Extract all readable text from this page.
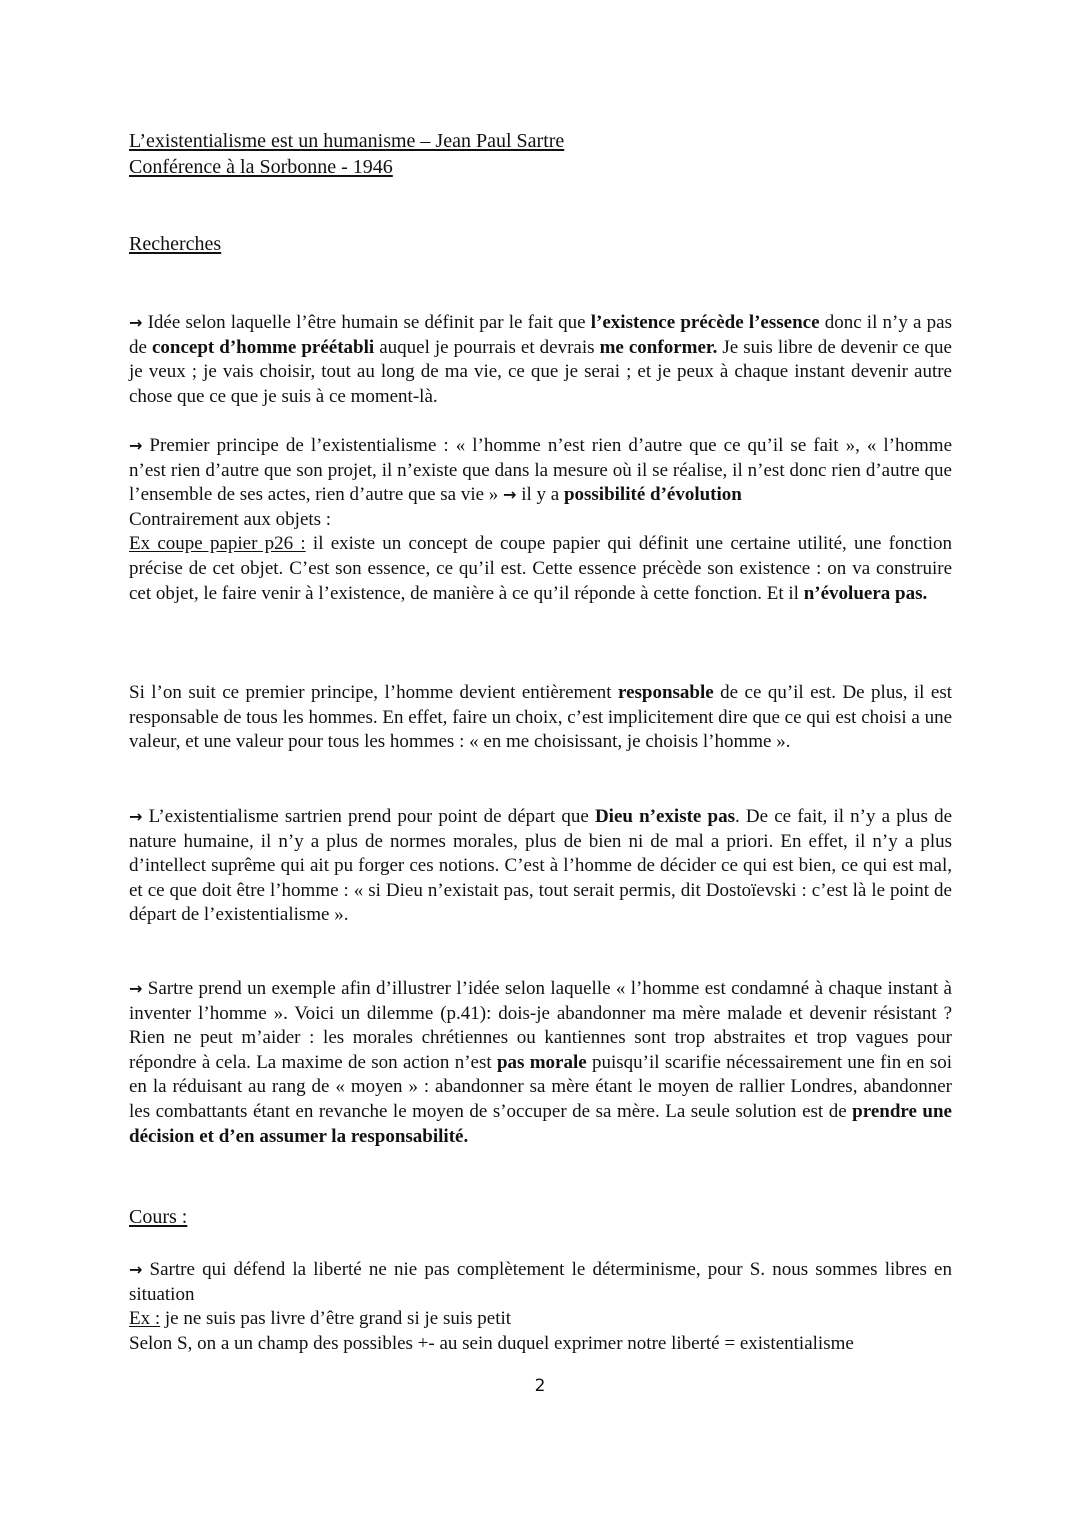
L’existentialisme est un humanisme – Jean Paul Sartre
Conférence à la Sorbonne - 1946
Recherches

→ Idée selon laquelle l’être humain se définit par le fait que l’existence précède l’essence donc il n’y a pas de concept d’homme préétabli auquel je pourrais et devrais me conformer. Je suis libre de devenir ce que je veux ; je vais choisir, tout au long de ma vie, ce que je serai ; et je peux à chaque instant devenir autre chose que ce que je suis à ce moment-là.

→ Premier principe de l’existentialisme : « l’homme n’est rien d’autre que ce qu’il se fait », « l’homme n’est rien d’autre que son projet, il n’existe que dans la mesure où il se réalise, il n’est donc rien d’autre que l’ensemble de ses actes, rien d’autre que sa vie » → il y a possibilité d’évolution
Contrairement aux objets :
Ex coupe papier p26 : il existe un concept de coupe papier qui définit une certaine utilité, une fonction précise de cet objet. C’est son essence, ce qu’il est. Cette essence précède son existence : on va construire cet objet, le faire venir à l’existence, de manière à ce qu’il réponde à cette fonction. Et il n’évoluera pas.

Si l’on suit ce premier principe, l’homme devient entièrement responsable de ce qu’il est. De plus, il est responsable de tous les hommes. En effet, faire un choix, c’est implicitement dire que ce qui est choisi a une valeur, et une valeur pour tous les hommes : « en me choisissant, je choisis l’homme ».

→ L’existentialisme sartrien prend pour point de départ que Dieu n’existe pas. De ce fait, il n’y a plus de nature humaine, il n’y a plus de normes morales, plus de bien ni de mal a priori. En effet, il n’y a plus d’intellect suprême qui ait pu forger ces notions. C’est à l’homme de décider ce qui est bien, ce qui est mal, et ce que doit être l’homme : « si Dieu n’existait pas, tout serait permis, dit Dostoïevski : c’est là le point de départ de l’existentialisme ».

→ Sartre prend un exemple afin d’illustrer l’idée selon laquelle « l’homme est condamné à chaque instant à inventer l’homme ». Voici un dilemme (p.41): dois-je abandonner ma mère malade et devenir résistant ? Rien ne peut m’aider : les morales chrétiennes ou kantiennes sont trop abstraites et trop vagues pour répondre à cela. La maxime de son action n’est pas morale puisqu’il scarifie nécessairement une fin en soi en la réduisant au rang de « moyen » : abandonner sa mère étant le moyen de rallier Londres, abandonner les combattants étant en revanche le moyen de s’occuper de sa mère. La seule solution est de prendre une décision et d’en assumer la responsabilité.

Cours :
→ Sartre qui défend la liberté ne nie pas complètement le déterminisme, pour S. nous sommes libres en situation
Ex : je ne suis pas livre d’être grand si je suis petit
Selon S, on a un champ des possibles +- au sein duquel exprimer notre liberté = existentialisme
2
